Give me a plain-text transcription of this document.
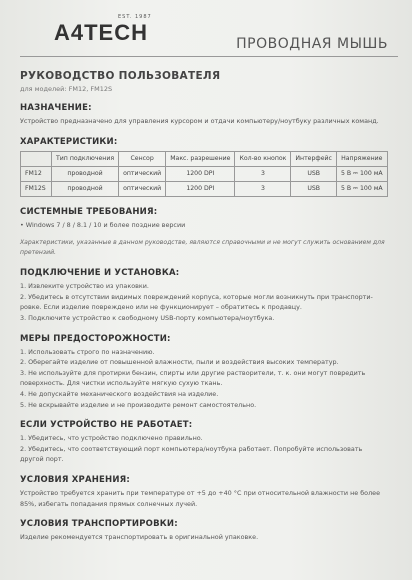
EST. 1987
A4TECH	ПРОВОДНАЯ МЫШЬ
РУКОВОДСТВО ПОЛЬЗОВАТЕЛЯ
для моделей: FM12, FM12S
НАЗНАЧЕНИЕ:

Устройство предназначено для управления курсором и отдачи компьютеру/ноутбуку различных команд.

ХАРАКТЕРИСТИКИ:
	Тип подключения	Сенсор	Макс. разрешение	Кол-во кнопок	Интерфейс	Напряжение
FM12	проводной	оптический	1200 DPI	3	USB	5 В ⎓ 100 мА
FM12S	проводной	оптический	1200 DPI	3	USB	5 В ⎓ 100 мА
СИСТЕМНЫЕ ТРЕБОВАНИЯ:

• Windows 7 / 8 / 8.1 / 10 и более поздние версии

Характеристики, указанные в данном руководстве, являются справочными и не могут служить основанием для претензий.

ПОДКЛЮЧЕНИЕ И УСТАНОВКА:
1. Извлеките устройство из упаковки.
2. Убедитесь в отсутствии видимых повреждений корпуса, которые могли возникнуть при транспорти-
ровке. Если изделие повреждено или не функционирует – обратитесь к продавцу.
3. Подключите устройство к свободному USB-порту компьютера/ноутбука.
МЕРЫ ПРЕДОСТОРОЖНОСТИ:
1. Использовать строго по назначению.
2. Оберегайте изделие от повышенной влажности, пыли и воздействия высоких температур.
3. Не используйте для протирки бензин, спирты или другие растворители, т. к. они могут повредить
поверхность. Для чистки используйте мягкую сухую ткань.
4. Не допускайте механического воздействия на изделие.
5. Не вскрывайте изделие и не производите ремонт самостоятельно.
ЕСЛИ УСТРОЙСТВО НЕ РАБОТАЕТ:
1. Убедитесь, что устройство подключено правильно.
2. Убедитесь, что соответствующий порт компьютера/ноутбука работает. Попробуйте использовать
другой порт.
УСЛОВИЯ ХРАНЕНИЯ:
Устройство требуется хранить при температуре от +5 до +40 °С при относительной влажности не более
85%, избегать попадания прямых солнечных лучей.
УСЛОВИЯ ТРАНСПОРТИРОВКИ:

Изделие рекомендуется транспортировать в оригинальной упаковке.
